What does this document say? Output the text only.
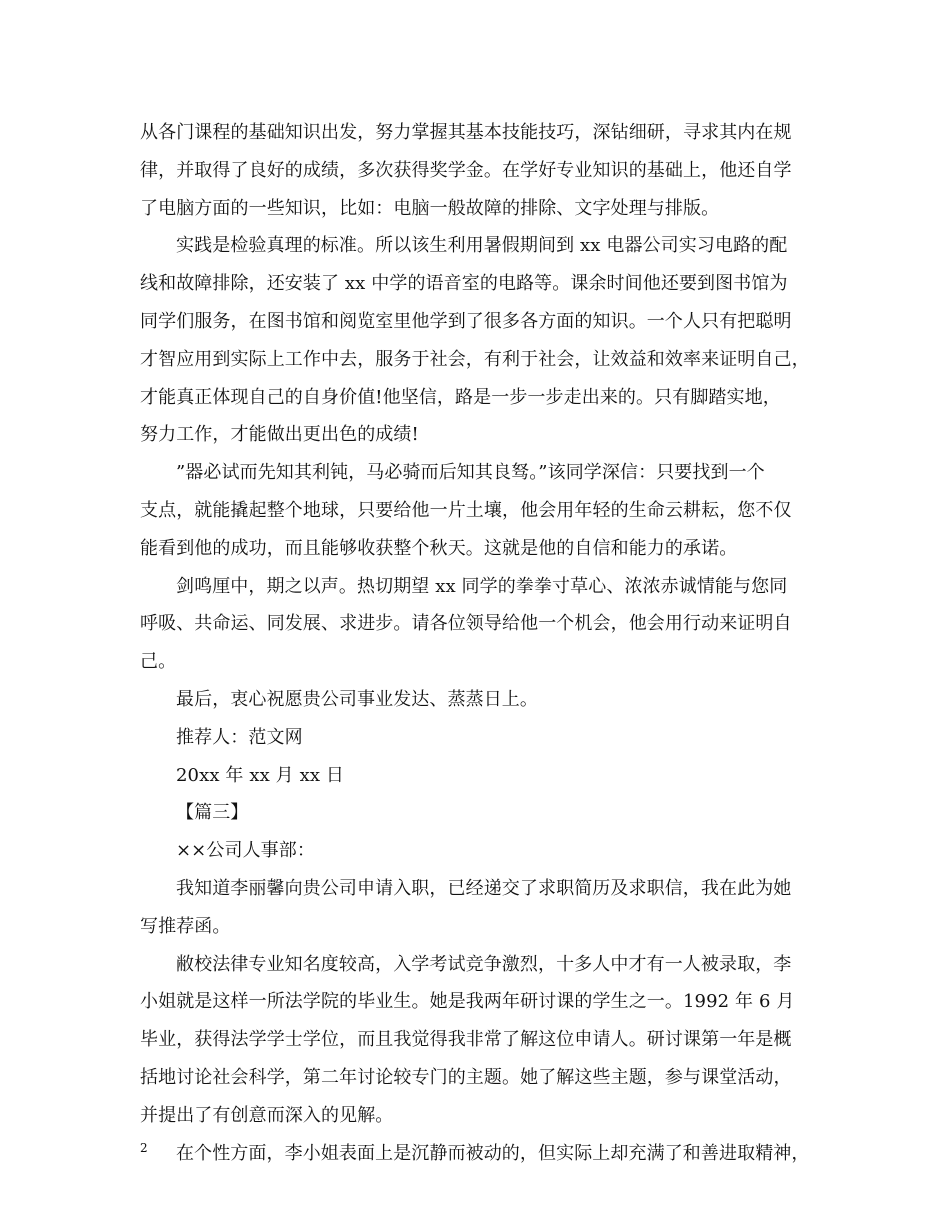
从各门课程的基础知识出发，努力掌握其基本技能技巧，深钻细研，寻求其内在规
律，并取得了良好的成绩，多次获得奖学金。在学好专业知识的基础上，他还自学
了电脑方面的一些知识，比如：电脑一般故障的排除、文字处理与排版。
实践是检验真理的标准。所以该生利用暑假期间到 xx 电器公司实习电路的配
线和故障排除，还安装了 xx 中学的语音室的电路等。课余时间他还要到图书馆为
同学们服务，在图书馆和阅览室里他学到了很多各方面的知识。一个人只有把聪明
才智应用到实际上工作中去，服务于社会，有利于社会，让效益和效率来证明自己，
才能真正体现自己的自身价值!他坚信，路是一步一步走出来的。只有脚踏实地，
努力工作，才能做出更出色的成绩!
”器必试而先知其利钝，马必骑而后知其良驽。”该同学深信：只要找到一个
支点，就能撬起整个地球，只要给他一片土壤，他会用年轻的生命云耕耘，您不仅
能看到他的成功，而且能够收获整个秋天。这就是他的自信和能力的承诺。
剑鸣厘中，期之以声。热切期望 xx 同学的拳拳寸草心、浓浓赤诚情能与您同
呼吸、共命运、同发展、求进步。请各位领导给他一个机会，他会用行动来证明自
己。
最后，衷心祝愿贵公司事业发达、蒸蒸日上。
推荐人：范文网
20xx 年 xx 月 xx 日
【篇三】
××公司人事部：
我知道李丽馨向贵公司申请入职，已经递交了求职简历及求职信，我在此为她
写推荐函。
敝校法律专业知名度较高，入学考试竞争激烈，十多人中才有一人被录取，李
小姐就是这样一所法学院的毕业生。她是我两年研讨课的学生之一。1992 年 6 月
毕业，获得法学学士学位，而且我觉得我非常了解这位申请人。研讨课第一年是概
括地讨论社会科学，第二年讨论较专门的主题。她了解这些主题，参与课堂活动，
并提出了有创意而深入的见解。
在个性方面，李小姐表面上是沉静而被动的，但实际上却充满了和善进取精神，
2
